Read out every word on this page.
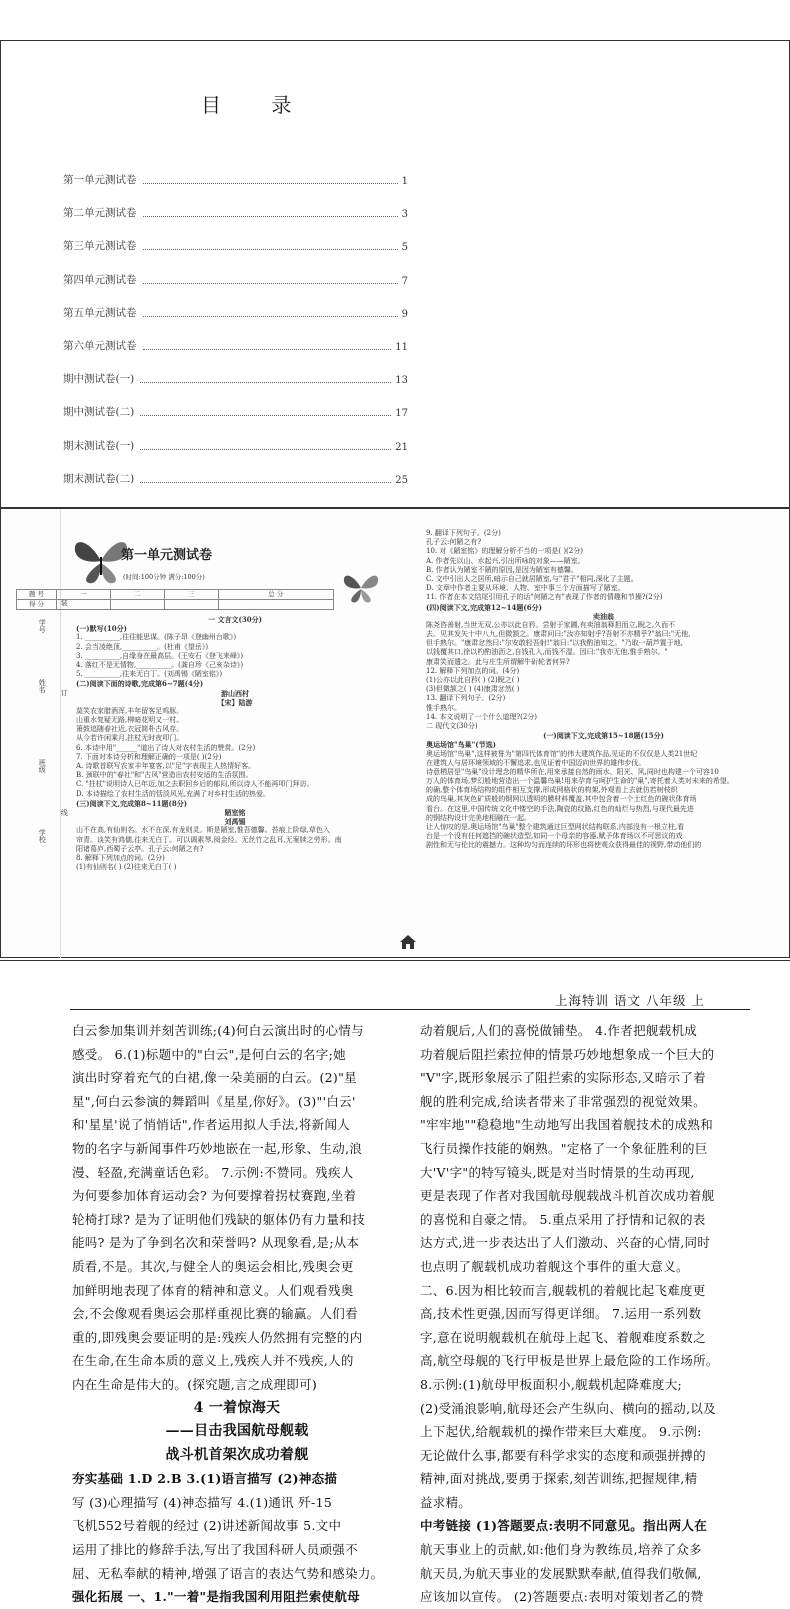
目 录
第一单元测试卷	1
第二单元测试卷	3
第三单元测试卷	5
第四单元测试卷	7
第五单元测试卷	9
第六单元测试卷	11
期中测试卷(一)	13
期中测试卷(二)	17
期末测试卷(一)	21
期末测试卷(二)	25
学号
姓名
班级
学校
装
订
线
第一单元测试卷
(时间:100分钟 满分:100分)
题 号	一	二	三	总 分
得 分				
一 文言文(30分)
(一)默写(10分)
1. __________,往往能思谋。(陈子昂《登幽州台歌》)
2. 会当凌绝顶,__________。(杜甫《望岳》)
3. __________,自缘身在最高层。(王安石《登飞来峰》)
4. 落红不是无情物,__________。(龚自珍《己亥杂诗》)
5. __________,往来无白丁。(刘禹锡《陋室铭》)
(二)阅读下面的诗歌,完成第6~7题(4分)
游山西村
【宋】陆游
莫笑农家腊酒浑,丰年留客足鸡豚。
山重水复疑无路,柳暗花明又一村。
箫鼓追随春社近,衣冠简朴古风存。
从今若许闲乘月,拄杖无时夜叩门。
6. 本诗中用"______"道出了诗人对农村生活的赞赏。(2分)
7. 下面对本诗分析和理解正确的一项是( )(2分)
A. 诗歌首联写农家丰年宴客,以"足"字表现主人热情好客。
B. 颈联中的"春社"和"古风"营造出农村安适的生活氛围。
C. "拄杖"说明诗人已年迈,加之去职回乡后的郁闷,所以诗人不能再叩门拜访。
D. 本诗描绘了农村生活的恬淡风光,充满了对乡村生活的热爱。
(三)阅读下文,完成第8~11题(8分)
陋室铭
刘禹锡
山不在高,有仙则名。水不在深,有龙则灵。斯是陋室,惟吾德馨。苔痕上阶绿,草色入
帘青。谈笑有鸿儒,往来无白丁。可以调素琴,阅金经。无丝竹之乱耳,无案牍之劳形。南
阳诸葛庐,西蜀子云亭。孔子云:何陋之有?
8. 解释下列加点的词。(2分)
(1)有仙则名( ) (2)往来无白丁( )
9. 翻译下列句子。(2分)
孔子云:何陋之有?
10. 对《陋室铭》的理解分析不当的一项是( )(2分)
A. 作者先以山、水起兴,引出所咏的对象——陋室。
B. 作者认为陋室不陋的原因,是因为陋室有德馨。
C. 文中引出人之居所,暗示自己就居陋室,与"君子"相同,深化了主题。
D. 文章中作者主要从环境、人物、室中事三个方面描写了陋室。
11. 作者在本文结尾引用孔子的话"何陋之有"表现了作者的情趣和节操?(2分)
(四)阅读下文,完成第12~14题(6分)
卖油翁
陈尧咨善射,当世无双,公亦以此自矜。尝射于家圃,有卖油翁释担而立,睨之,久而不
去。见其发矢十中八九,但微颔之。康肃问曰:"汝亦知射乎?吾射不亦精乎?"翁曰:"无他,
但手熟尔。"康肃忿然曰:"尔安敢轻吾射!"翁曰:"以我酌油知之。"乃取一葫芦置于地,
以钱覆其口,徐以杓酌油沥之,自钱孔入,而钱不湿。因曰:"我亦无他,惟手熟尔。"
康肃笑而遣之。此与庄生所谓解牛斫轮者何异?
12. 解释下列加点的词。(4分)
(1)公亦以此自矜( ) (2)睨之( )
(3)但微颔之( ) (4)康肃忿然( )
13. 翻译下列句子。(2分)
惟手熟尔。
14. 本文说明了一个什么道理?(2分)
二 现代文(30分)
(一)阅读下文,完成第15~18题(15分)
奥运场馆"鸟巢"(节选)
奥运场馆"鸟巢",这样被誉为"第四代体育馆"的伟大建筑作品,见证的不仅仅是人类21世纪
在建筑人与居环境领域的不懈追求,也见证着中国迈向世界的雄伟步伐。
诗意栖居是"鸟巢"设计理念的精华所在,用来承接自然的雨水、阳光、风,同时也构建一个可容10
万人的体育场,梦幻般地营造出一个温馨鸟巢!用来孕育与呵护生命的"巢",寄托着人类对未来的希望。
的确,整个体育场结构的组件相互支撑,形成网格状的构架,外观看上去就仿若树枝织
成的鸟巢,其灰色矿质般的钢网以透明的膜材料覆盖,其中包含着一个土红色的碗状体育场
看台。在这里,中国传统文化中镂空的手法,陶瓷的纹路,红色的灿烂与热烈,与现代最先进
的钢结构设计完美地相融在一起。
让人惊叹的是,奥运场馆"鸟巢"整个建筑通过巨型网状结构联系,内部没有一根立柱,看
台是一个没有任何遮挡的碗状造型,如同一个母亲的容器,赋予体育场以不可思议的戏
剧性和无与伦比的震撼力。这种均匀而连续的环形也将使观众获得最佳的视野,带动他们的
上海特训 语文 八年级 上
白云参加集训并刻苦训练;(4)何白云演出时的心情与
感受。 6.(1)标题中的"白云",是何白云的名字;她
演出时穿着充气的白裙,像一朵美丽的白云。(2)"星
星",何白云参演的舞蹈叫《星星,你好》。(3)"'白云'
和'星星'说了悄悄话",作者运用拟人手法,将新闻人
物的名字与新闻事件巧妙地嵌在一起,形象、生动,浪
漫、轻盈,充满童话色彩。 7.示例:不赞同。残疾人
为何要参加体育运动会? 为何要撑着拐杖赛跑,坐着
轮椅打球? 是为了证明他们残缺的躯体仍有力量和技
能吗? 是为了争到名次和荣誉吗? 从现象看,是;从本
质看,不是。其次,与健全人的奥运会相比,残奥会更
加鲜明地表现了体育的精神和意义。人们观看残奥
会,不会像观看奥运会那样重视比赛的输赢。人们看
重的,即残奥会要证明的是:残疾人仍然拥有完整的内
在生命,在生命本质的意义上,残疾人并不残疾,人的
内在生命是伟大的。(探究题,言之成理即可)
4 一着惊海天
——目击我国航母舰载
战斗机首架次成功着舰
夯实基础 1.D 2.B 3.(1)语言描写 (2)神态描
写 (3)心理描写 (4)神态描写 4.(1)通讯 歼-15
飞机552号着舰的经过 (2)讲述新闻故事 5.文中
运用了排比的修辞手法,写出了我国科研人员顽强不
屈、无私奉献的精神,增强了语言的表达气势和感染力。
强化拓展 一、1."一着"是指我国利用阻拦索使航母
动着舰后,人们的喜悦做铺垫。 4.作者把舰载机成
功着舰后阻拦索拉伸的情景巧妙地想象成一个巨大的
"V"字,既形象展示了阻拦索的实际形态,又暗示了着
舰的胜利完成,给读者带来了非常强烈的视觉效果。
"牢牢地""稳稳地"生动地写出我国着舰技术的成熟和
飞行员操作技能的娴熟。"定格了一个象征胜利的巨
大'V'字"的特写镜头,既是对当时情景的生动再现,
更是表现了作者对我国航母舰载战斗机首次成功着舰
的喜悦和自豪之情。 5.重点采用了抒情和记叙的表
达方式,进一步表达出了人们激动、兴奋的心情,同时
也点明了舰载机成功着舰这个事件的重大意义。
二、6.因为相比较而言,舰载机的着舰比起飞难度更
高,技术性更强,因而写得更详细。 7.运用一系列数
字,意在说明舰载机在航母上起飞、着舰难度系数之
高,航空母舰的飞行甲板是世界上最危险的工作场所。
8.示例:(1)航母甲板面积小,舰载机起降难度大;
(2)受涌浪影响,航母还会产生纵向、横向的摇动,以及
上下起伏,给舰载机的操作带来巨大难度。 9.示例:
无论做什么事,都要有科学求实的态度和顽强拼搏的
精神,面对挑战,要勇于探索,刻苦训练,把握规律,精
益求精。
中考链接 (1)答题要点:表明不同意见。指出两人在
航天事业上的贡献,如:他们身为教练员,培养了众多
航天员,为航天事业的发展默默奉献,值得我们敬佩,
应该加以宣传。 (2)答题要点:表明对策划者乙的赞
